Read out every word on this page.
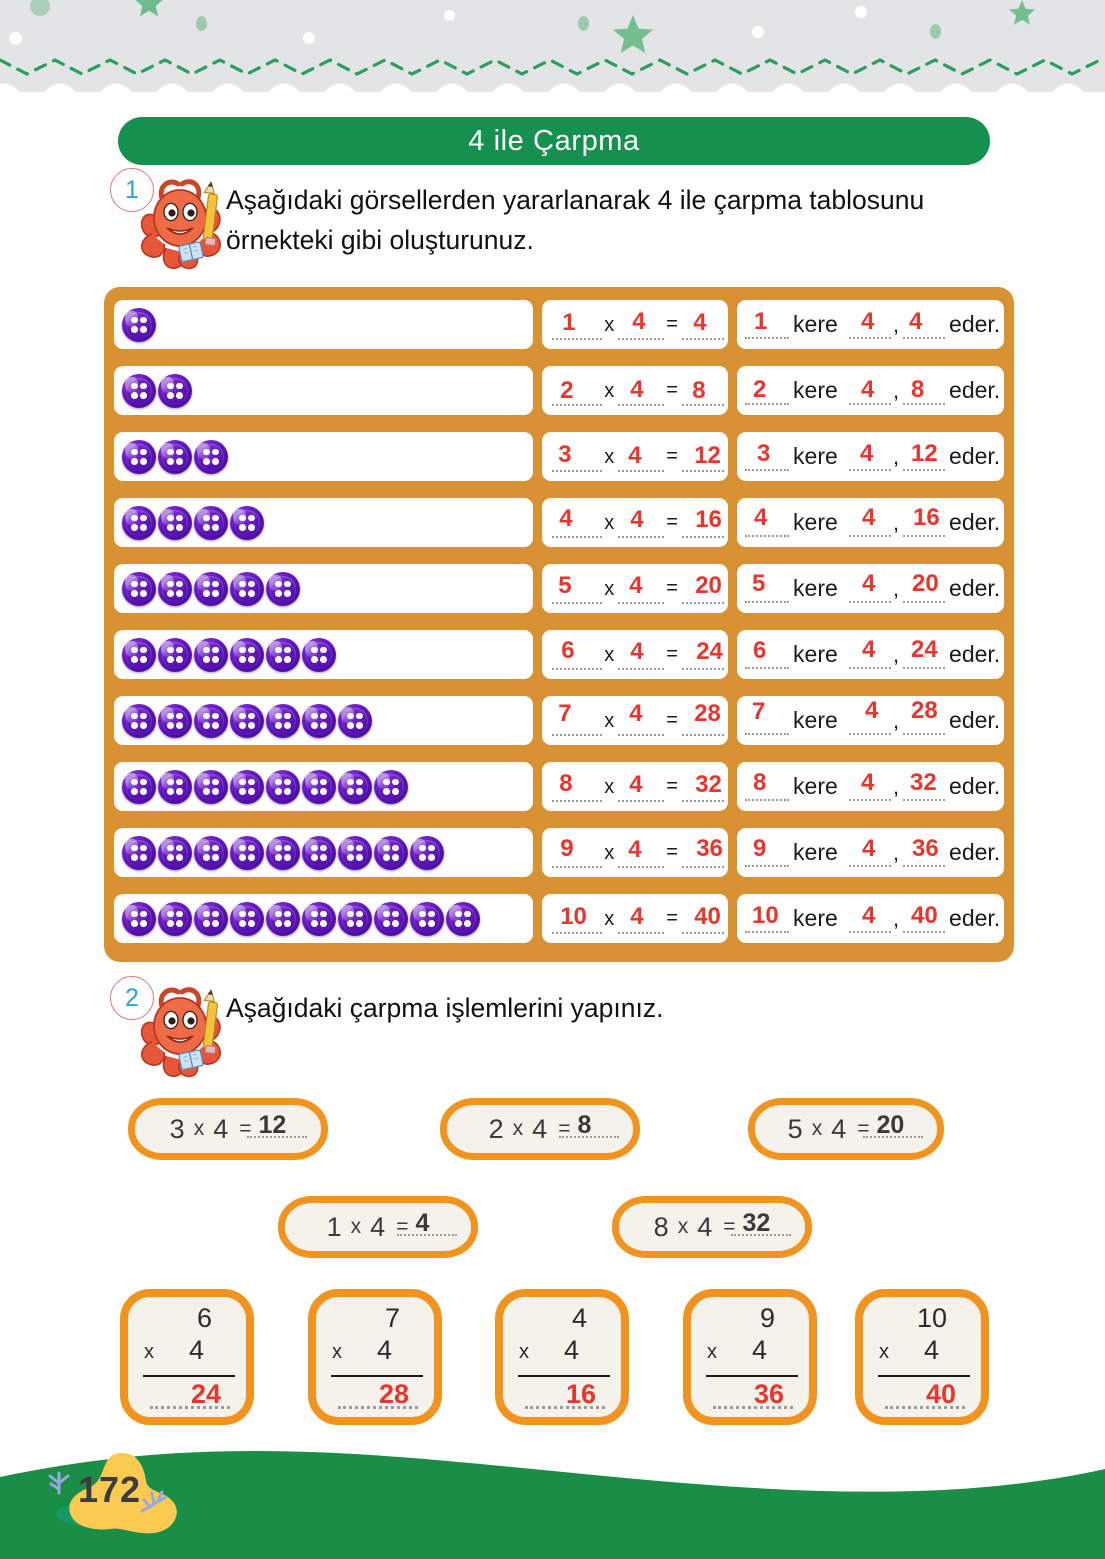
4 ile Çarpma
1	Aşağıdaki görsellerden yararlanarak 4 ile çarpma tablosunu örnekteki gibi oluşturunuz.
1 x 4 = 4 1 kere 4 , 4 eder.
2 x 4 = 8 2 kere 4 , 8 eder.
3 x 4 = 12 3 kere 4 , 12 eder.
4 x 4 = 16 4 kere 4 , 16 eder.
5 x 4 = 20 5 kere 4 , 20 eder.
6 x 4 = 24 6 kere 4 , 24 eder.
7 x 4 = 28 7 kere 4 , 28 eder.
8 x 4 = 32 8 kere 4 , 32 eder.
9 x 4 = 36 9 kere 4 , 36 eder.
10 x 4 = 40 10 kere 4 , 40 eder.
2	Aşağıdaki çarpma işlemlerini yapınız.
3 x 4 = 12	2 x 4 = 8	5 x 4 = 20
1 x 4 = 4	8 x 4 = 32
6
x 4
24
7
x 4
28
4
x 4
16
9
x 4
36
10
x 4
40
172
